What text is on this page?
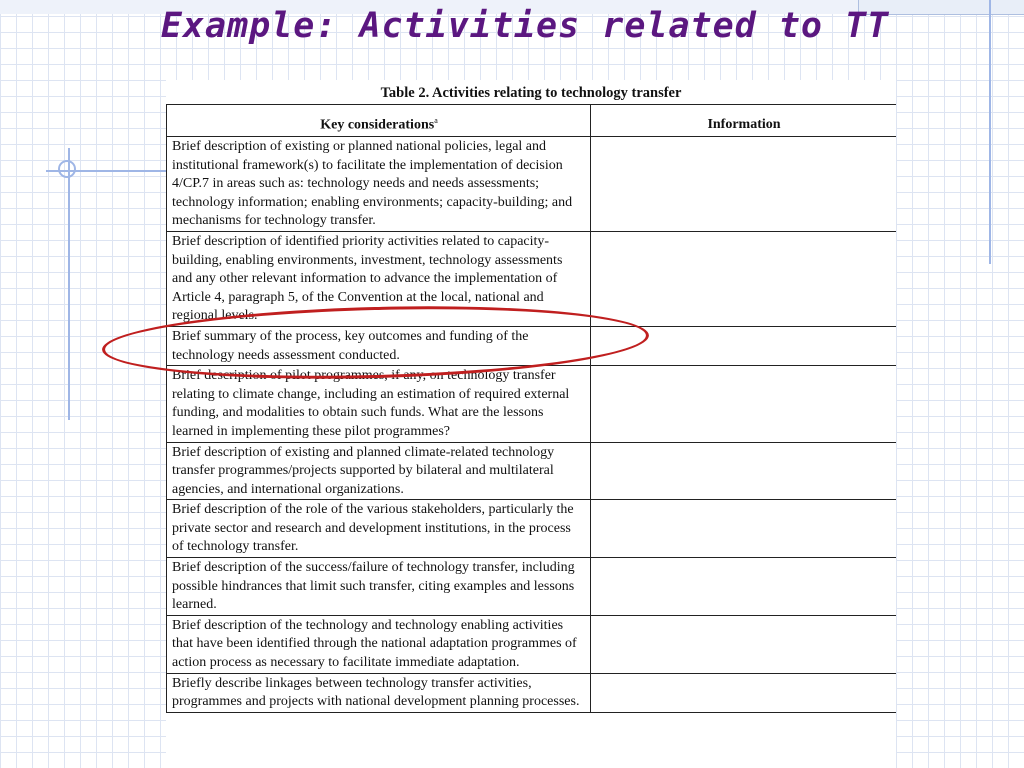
Example: Activities related to TT
Table 2. Activities relating to technology transfer
Key considerations$^a$	Information
Brief description of existing or planned national policies, legal and institutional framework(s) to facilitate the implementation of decision 4/CP.7 in areas such as: technology needs and needs assessments; technology information; enabling environments; capacity-building; and mechanisms for technology transfer.	
Brief description of identified priority activities related to capacity-building, enabling environments, investment, technology assessments and any other relevant information to advance the implementation of Article 4, paragraph 5, of the Convention at the local, national and regional levels.	
Brief summary of the process, key outcomes and funding of the technology needs assessment conducted.	
Brief description of pilot programmes, if any, on technology transfer relating to climate change, including an estimation of required external funding, and modalities to obtain such funds. What are the lessons learned in implementing these pilot programmes?	
Brief description of existing and planned climate-related technology transfer programmes/projects supported by bilateral and multilateral agencies, and international organizations.	
Brief description of the role of the various stakeholders, particularly the private sector and research and development institutions, in the process of technology transfer.	
Brief description of the success/failure of technology transfer, including possible hindrances that limit such transfer, citing examples and lessons learned.	
Brief description of the technology and technology enabling activities that have been identified through the national adaptation programmes of action process as necessary to facilitate immediate adaptation.	
Briefly describe linkages between technology transfer activities, programmes and projects with national development planning processes.	
